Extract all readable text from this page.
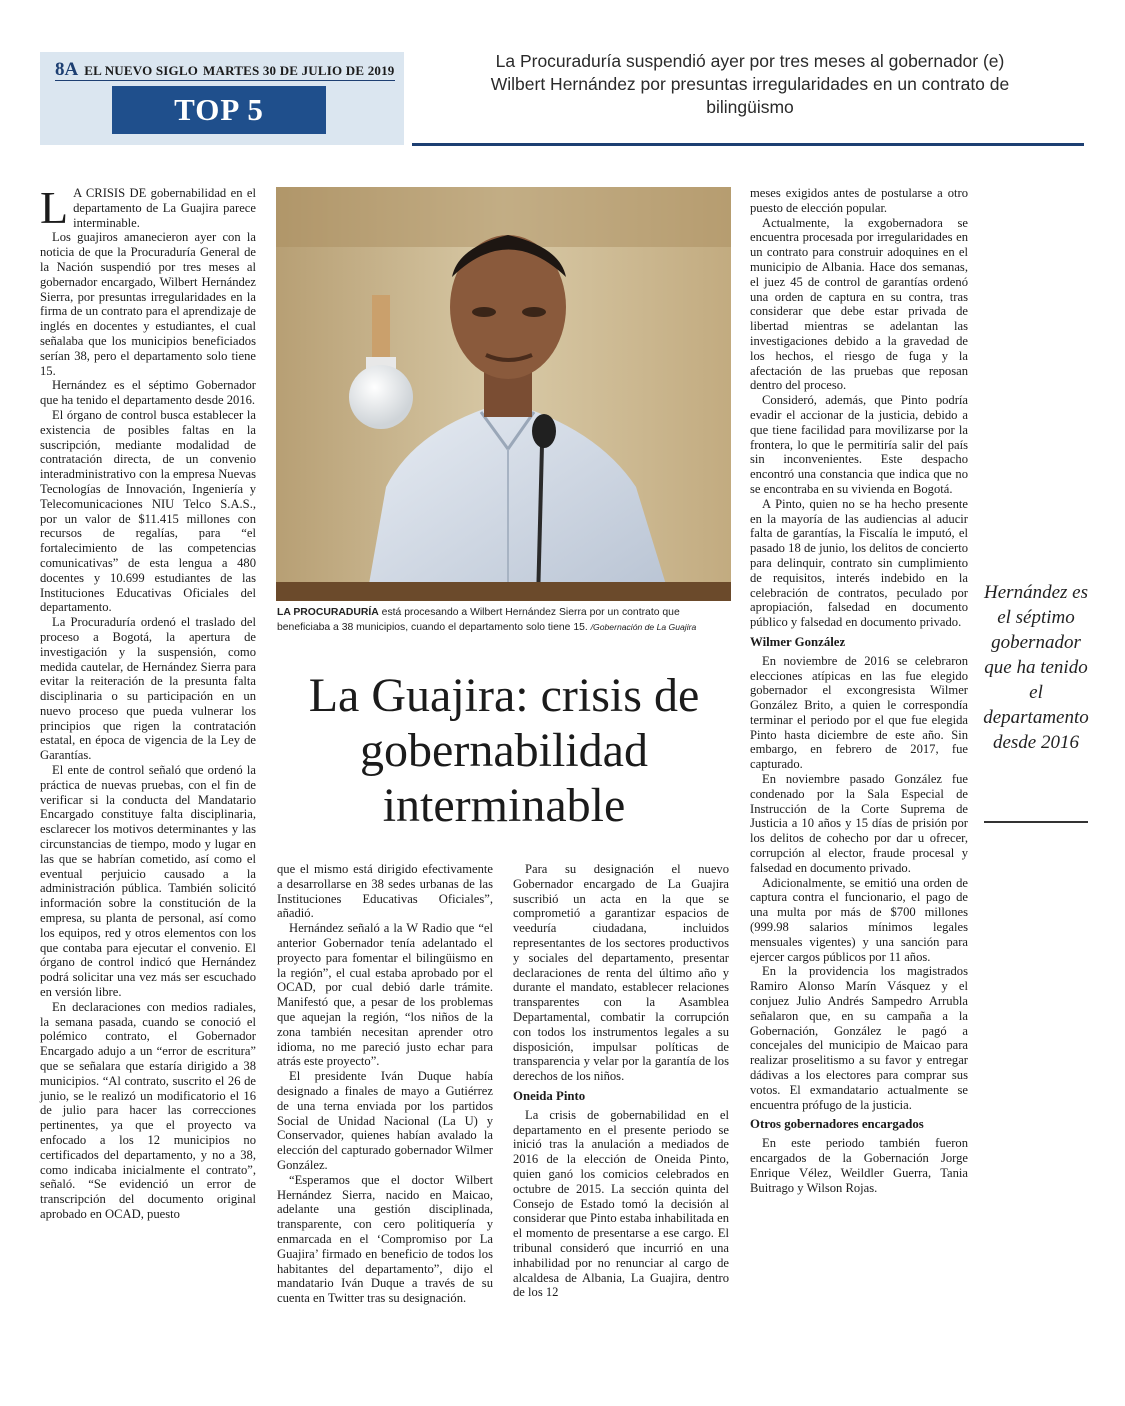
8A EL NUEVO SIGLO MARTES 30 DE JULIO DE 2019
TOP 5
La Procuraduría suspendió ayer por tres meses al gobernador (e) Wilbert Hernández por presuntas irregularidades en un contrato de bilingüismo

L A CRISIS DE gobernabilidad en el departamento de La Guajira parece interminable.

Los guajiros amanecieron ayer con la noticia de que la Procuraduría General de la Nación suspendió por tres meses al gobernador encargado, Wilbert Hernández Sierra, por presuntas irregularidades en la firma de un contrato para el aprendizaje de inglés en docentes y estudiantes, el cual señalaba que los municipios beneficiados serían 38, pero el departamento solo tiene 15.

Hernández es el séptimo Gobernador que ha tenido el departamento desde 2016.

El órgano de control busca establecer la existencia de posibles faltas en la suscripción, mediante modalidad de contratación directa, de un convenio interadministrativo con la empresa Nuevas Tecnologías de Innovación, Ingeniería y Telecomunicaciones NIU Telco S.A.S., por un valor de $11.415 millones con recursos de regalías, para “el fortalecimiento de las competencias comunicativas” de esta lengua a 480 docentes y 10.699 estudiantes de las Instituciones Educativas Oficiales del departamento.

La Procuraduría ordenó el traslado del proceso a Bogotá, la apertura de investigación y la suspensión, como medida cautelar, de Hernández Sierra para evitar la reiteración de la presunta falta disciplinaria o su participación en un nuevo proceso que pueda vulnerar los principios que rigen la contratación estatal, en época de vigencia de la Ley de Garantías.

El ente de control señaló que ordenó la práctica de nuevas pruebas, con el fin de verificar si la conducta del Mandatario Encargado constituye falta disciplinaria, esclarecer los motivos determinantes y las circunstancias de tiempo, modo y lugar en las que se habrían cometido, así como el eventual perjuicio causado a la administración pública. También solicitó información sobre la constitución de la empresa, su planta de personal, así como los equipos, red y otros elementos con los que contaba para ejecutar el convenio. El órgano de control indicó que Hernández podrá solicitar una vez más ser escuchado en versión libre.

En declaraciones con medios radiales, la semana pasada, cuando se conoció el polémico contrato, el Gobernador Encargado adujo a un “error de escritura” que se señalara que estaría dirigido a 38 municipios. “Al contrato, suscrito el 26 de junio, se le realizó un modificatorio el 16 de julio para hacer las correcciones pertinentes, ya que el proyecto va enfocado a los 12 municipios no certificados del departamento, y no a 38, como indicaba inicialmente el contrato”, señaló. “Se evidenció un error de transcripción del documento original aprobado en OCAD, puesto

LA PROCURADURÍA está procesando a Wilbert Hernández Sierra por un contrato que beneficiaba a 38 municipios, cuando el departamento solo tiene 15. /Gobernación de La Guajira
La Guajira: crisis de gobernabilidad interminable

que el mismo está dirigido efectivamente a desarrollarse en 38 sedes urbanas de las Instituciones Educativas Oficiales”, añadió.

Hernández señaló a la W Radio que “el anterior Gobernador tenía adelantado el proyecto para fomentar el bilingüismo en la región”, el cual estaba aprobado por el OCAD, por cual debió darle trámite. Manifestó que, a pesar de los problemas que aquejan la región, “los niños de la zona también necesitan aprender otro idioma, no me pareció justo echar para atrás este proyecto”.

El presidente Iván Duque había designado a finales de mayo a Gutiérrez de una terna enviada por los partidos Social de Unidad Nacional (La U) y Conservador, quienes habían avalado la elección del capturado gobernador Wilmer González.

“Esperamos que el doctor Wilbert Hernández Sierra, nacido en Maicao, adelante una gestión disciplinada, transparente, con cero politiquería y enmarcada en el ‘Compromiso por La Guajira’ firmado en beneficio de todos los habitantes del departamento”, dijo el mandatario Iván Duque a través de su cuenta en Twitter tras su designación.

Para su designación el nuevo Gobernador encargado de La Guajira suscribió un acta en la que se comprometió a garantizar espacios de veeduría ciudadana, incluidos representantes de los sectores productivos y sociales del departamento, presentar declaraciones de renta del último año y durante el mandato, establecer relaciones transparentes con la Asamblea Departamental, combatir la corrupción con todos los instrumentos legales a su disposición, impulsar políticas de transparencia y velar por la garantía de los derechos de los niños.

Oneida Pinto

La crisis de gobernabilidad en el departamento en el presente periodo se inició tras la anulación a mediados de 2016 de la elección de Oneida Pinto, quien ganó los comicios celebrados en octubre de 2015. La sección quinta del Consejo de Estado tomó la decisión al considerar que Pinto estaba inhabilitada en el momento de presentarse a ese cargo. El tribunal consideró que incurrió en una inhabilidad por no renunciar al cargo de alcaldesa de Albania, La Guajira, dentro de los 12

meses exigidos antes de postularse a otro puesto de elección popular.

Actualmente, la exgobernadora se encuentra procesada por irregularidades en un contrato para construir adoquines en el municipio de Albania. Hace dos semanas, el juez 45 de control de garantías ordenó una orden de captura en su contra, tras considerar que debe estar privada de libertad mientras se adelantan las investigaciones debido a la gravedad de los hechos, el riesgo de fuga y la afectación de las pruebas que reposan dentro del proceso.

Consideró, además, que Pinto podría evadir el accionar de la justicia, debido a que tiene facilidad para movilizarse por la frontera, lo que le permitiría salir del país sin inconvenientes. Este despacho encontró una constancia que indica que no se encontraba en su vivienda en Bogotá.

A Pinto, quien no se ha hecho presente en la mayoría de las audiencias al aducir falta de garantías, la Fiscalía le imputó, el pasado 18 de junio, los delitos de concierto para delinquir, contrato sin cumplimiento de requisitos, interés indebido en la celebración de contratos, peculado por apropiación, falsedad en documento público y falsedad en documento privado.

Wilmer González

En noviembre de 2016 se celebraron elecciones atípicas en las fue elegido gobernador el excongresista Wilmer González Brito, a quien le correspondía terminar el periodo por el que fue elegida Pinto hasta diciembre de este año. Sin embargo, en febrero de 2017, fue capturado.

En noviembre pasado González fue condenado por la Sala Especial de Instrucción de la Corte Suprema de Justicia a 10 años y 15 días de prisión por los delitos de cohecho por dar u ofrecer, corrupción al elector, fraude procesal y falsedad en documento privado.

Adicionalmente, se emitió una orden de captura contra el funcionario, el pago de una multa por más de $700 millones (999.98 salarios mínimos legales mensuales vigentes) y una sanción para ejercer cargos públicos por 11 años.

En la providencia los magistrados Ramiro Alonso Marín Vásquez y el conjuez Julio Andrés Sampedro Arrubla señalaron que, en su campaña a la Gobernación, González le pagó a concejales del municipio de Maicao para realizar proselitismo a su favor y entregar dádivas a los electores para comprar sus votos. El exmandatario actualmente se encuentra prófugo de la justicia.

Otros gobernadores encargados

En este periodo también fueron encargados de la Gobernación Jorge Enrique Vélez, Weildler Guerra, Tania Buitrago y Wilson Rojas.

Hernández es el séptimo gobernador que ha tenido el departamento desde 2016
